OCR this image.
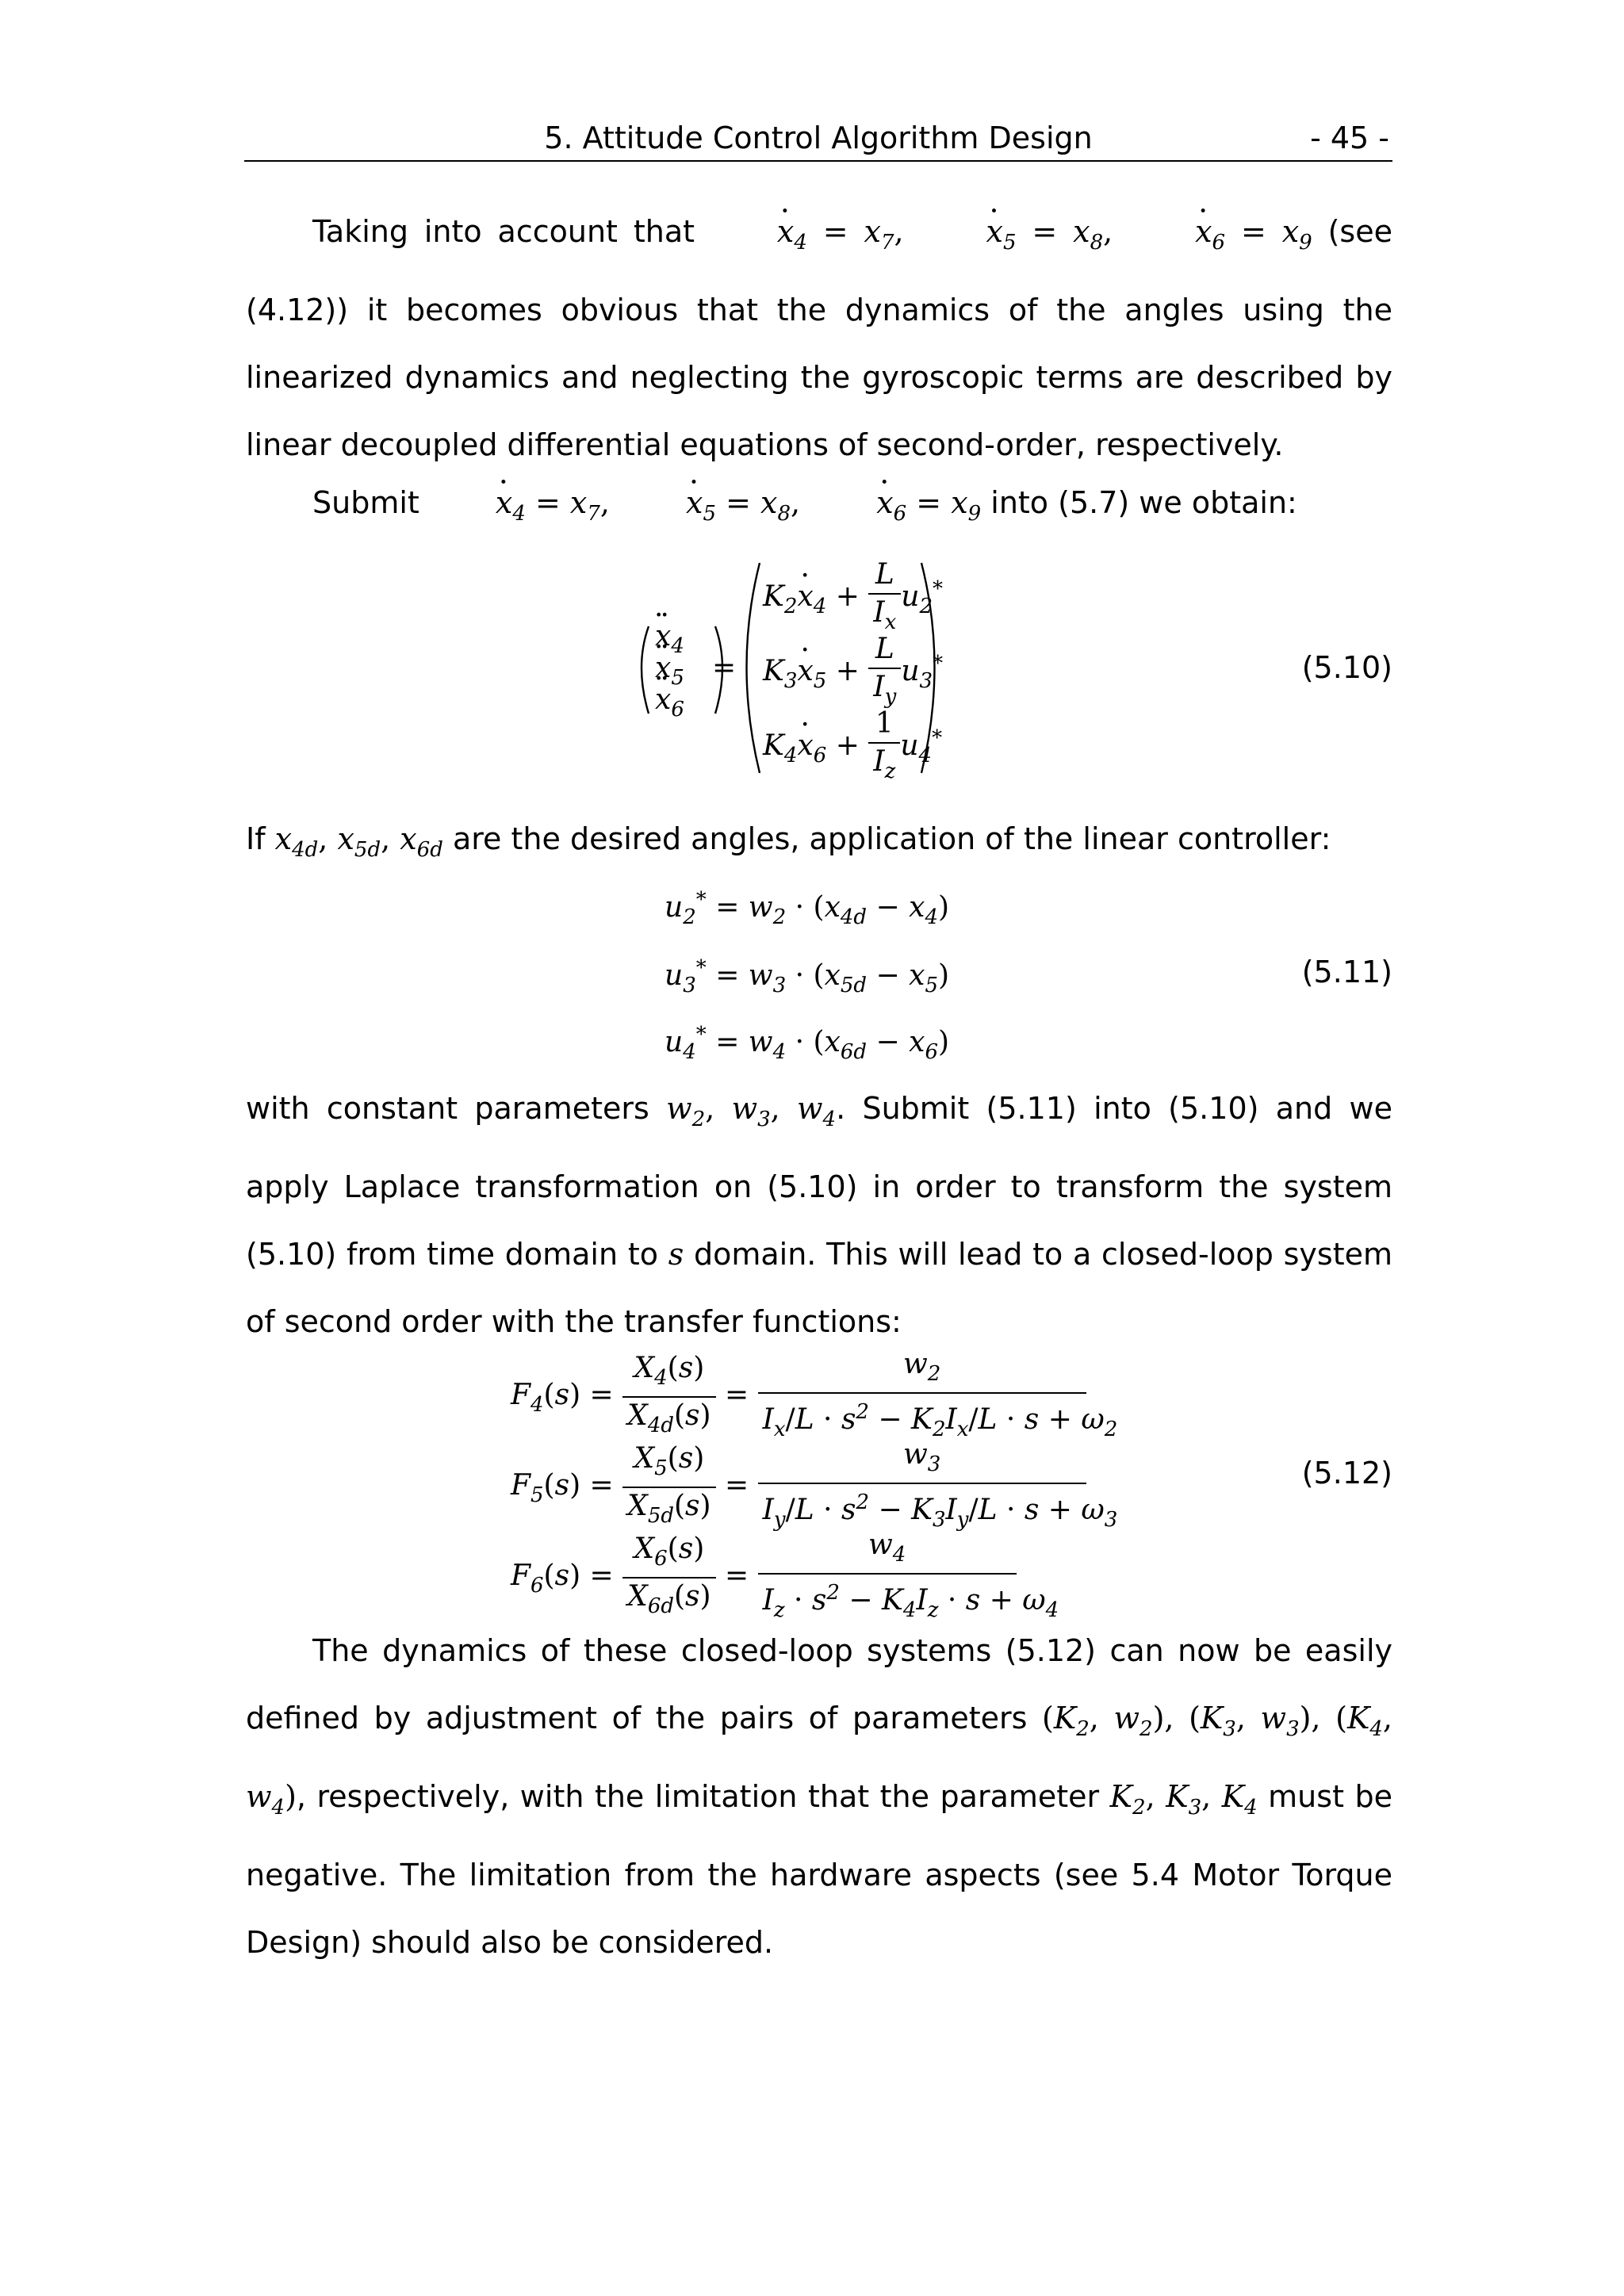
5. Attitude Control Algorithm Design	- 45 -

Taking into account that · $x_4 = x_7$, · $x_5 = x_8$, · $x_6 = x_9$ (see (4.12)) it becomes obvious that the dynamics of the angles using the linearized dynamics and neglecting the gyroscopic terms are described by linear decoupled differential equations of second-order, respectively.

Submit · $x_4 = x_7$, · $x_5 = x_8$, · $x_6 = x_9$ into (5.7) we obtain:

·· $x_4$
·· $x_5$
·· $x_6$
=
$K_2\cdot x_4 + \frac{L}{I_x} u_2^*$
$K_3\cdot x_5 + \frac{L}{I_y} u_3^*$
$K_4\cdot x_6 + \frac{1}{I_z} u_4^*$
(5.10)

If $x_{4d}$, $x_{5d}$, $x_{6d}$ are the desired angles, application of the linear controller:

$u_2^* = w_2 \cdot (x_{4d} - x_4)$
$u_3^* = w_3 \cdot (x_{5d} - x_5)$
$u_4^* = w_4 \cdot (x_{6d} - x_6)$
(5.11)

with constant parameters $w_2$, $w_3$, $w_4$. Submit (5.11) into (5.10) and we apply Laplace transformation on (5.10) in order to transform the system (5.10) from time domain to s domain. This will lead to a closed-loop system of second order with the transfer functions:

$F_4(s) = \frac{X_4(s)}{X_{4d}(s)} = \frac{w_2}{I_x/L \cdot s^2 - K_2I_x/L \cdot s + \omega_2}$
$F_5(s) = \frac{X_5(s)}{X_{5d}(s)} = \frac{w_3}{I_y/L \cdot s^2 - K_3I_y/L \cdot s + \omega_3}$
$F_6(s) = \frac{X_6(s)}{X_{6d}(s)} = \frac{w_4}{I_z \cdot s^2 - K_4I_z \cdot s + \omega_4}$
(5.12)

The dynamics of these closed-loop systems (5.12) can now be easily defined by adjustment of the pairs of parameters ($K_2$, $w_2$), ($K_3$, $w_3$), ($K_4$, $w_4$), respectively, with the limitation that the parameter $K_2$, $K_3$, $K_4$ must be negative. The limitation from the hardware aspects (see 5.4 Motor Torque Design) should also be considered.
